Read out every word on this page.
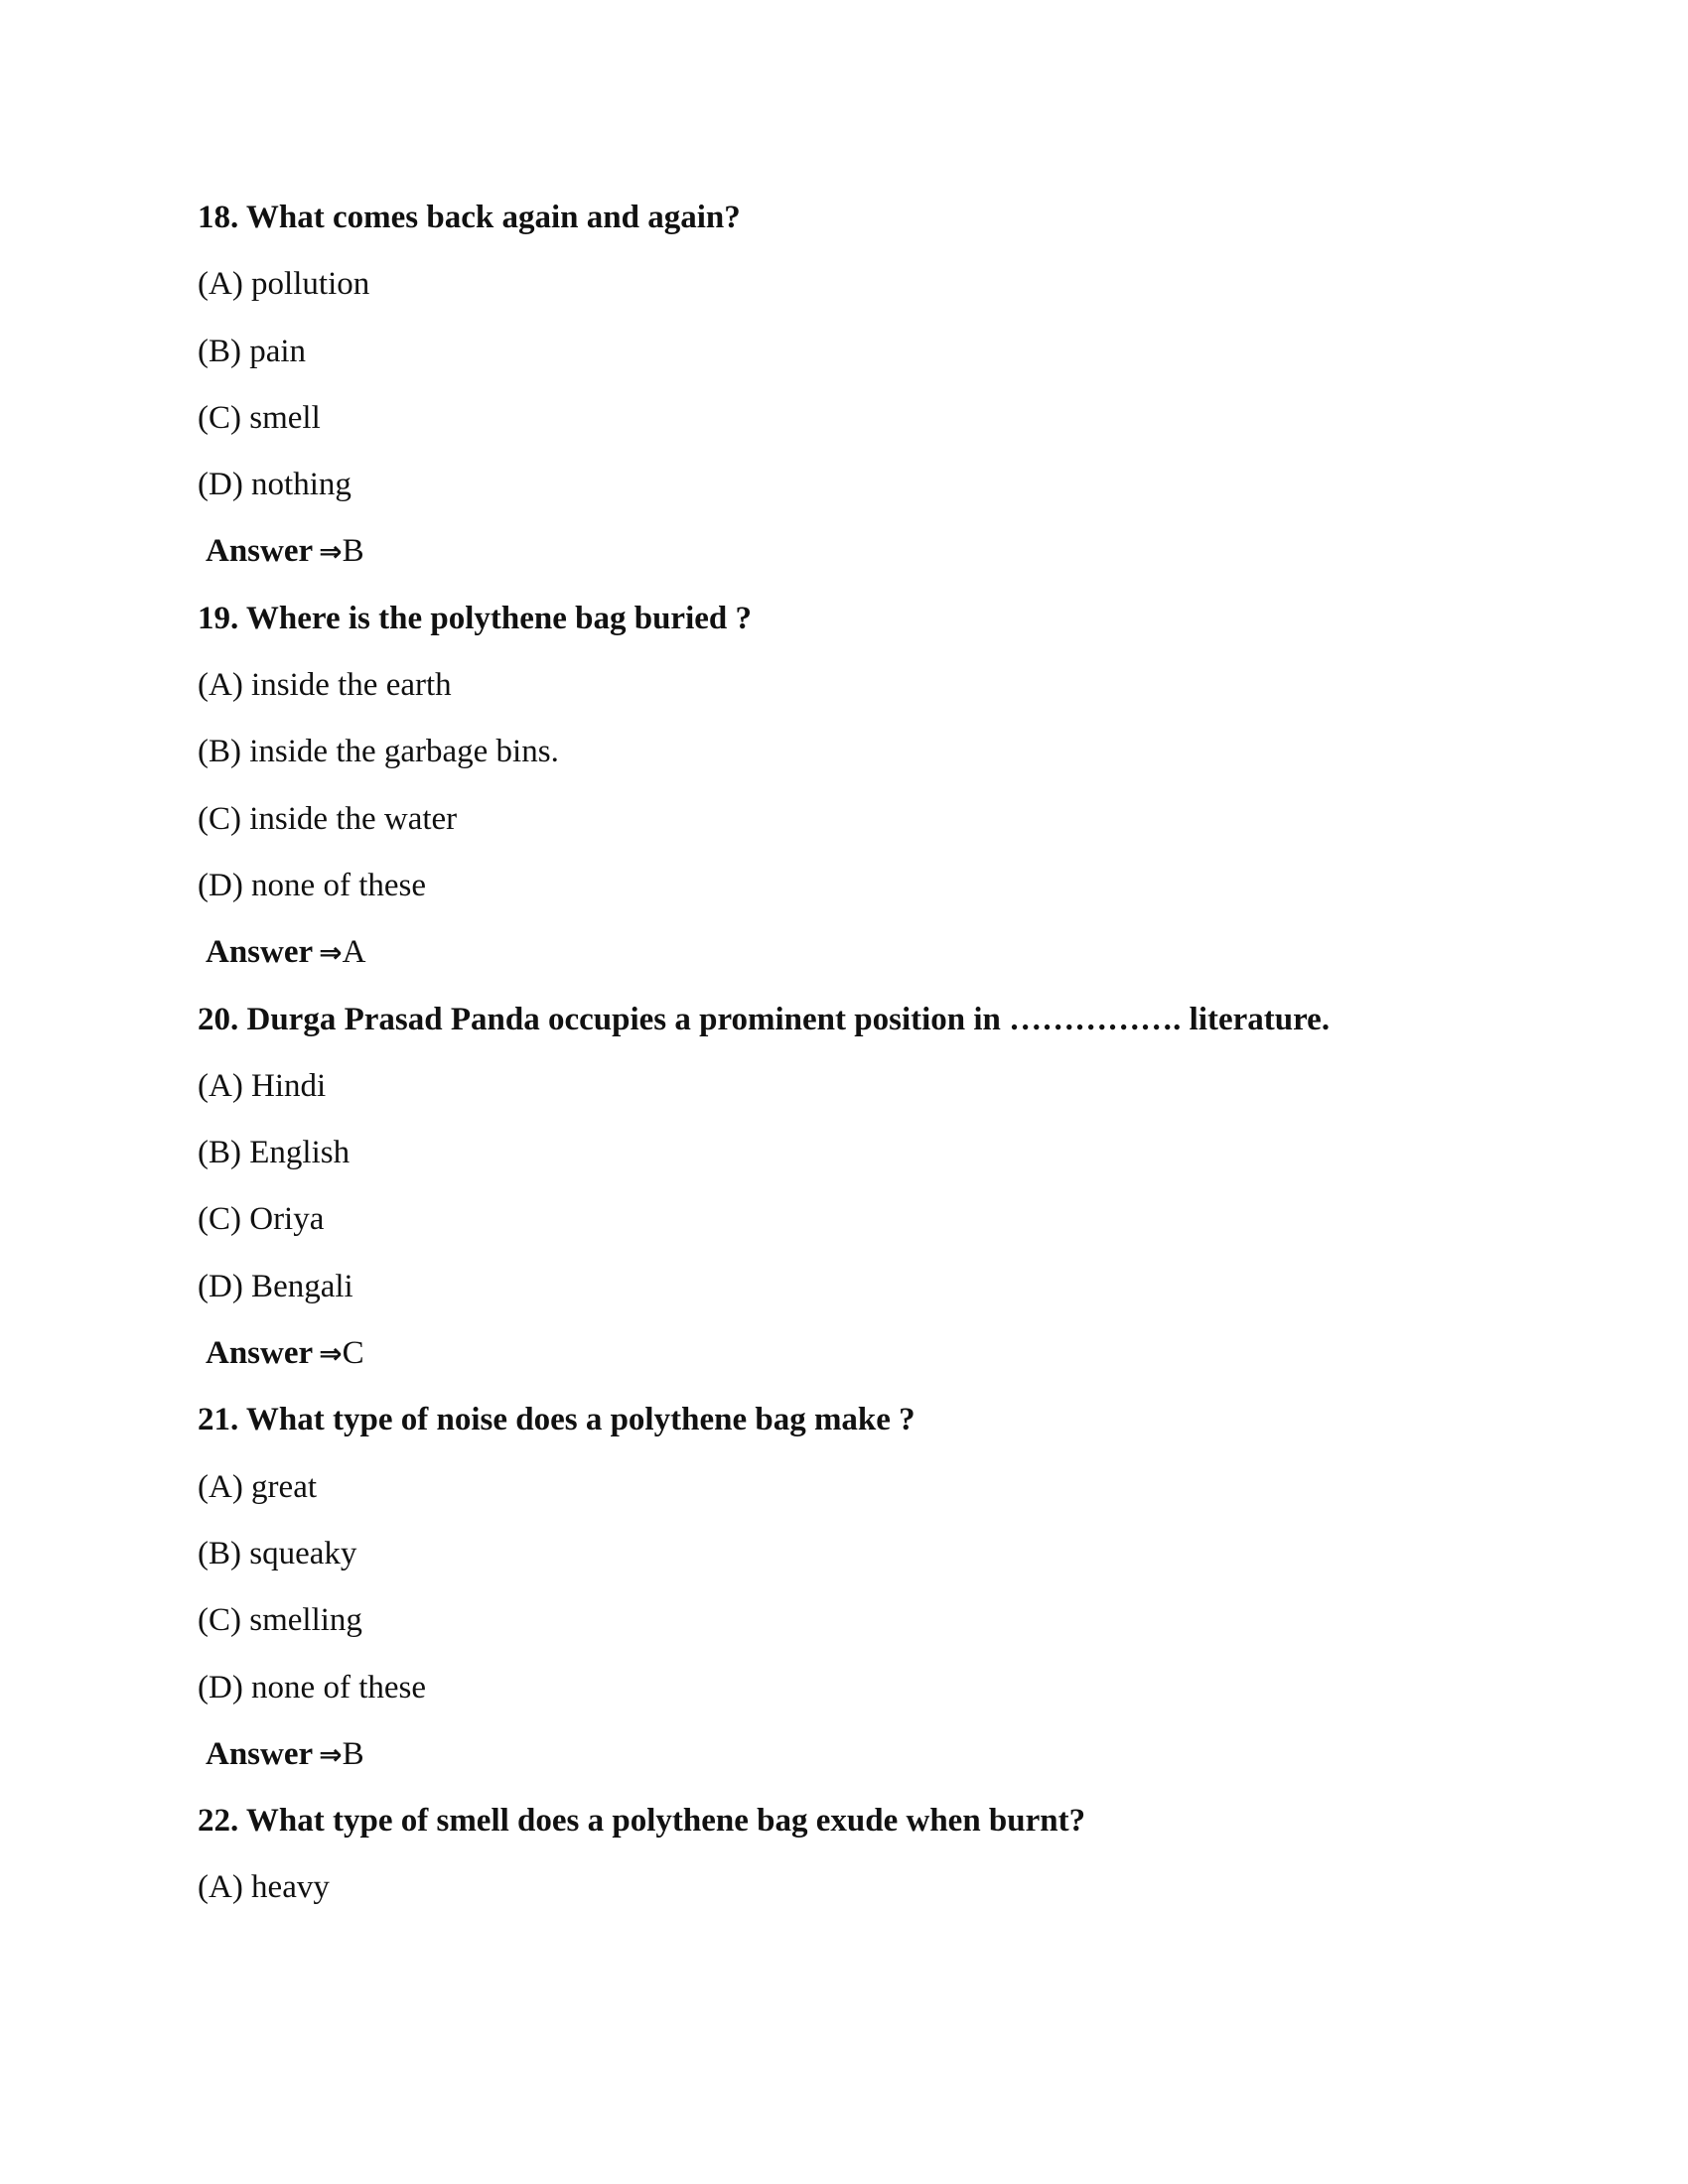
18. What comes back again and again?
(A) pollution
(B) pain
(C) smell
(D) nothing
Answer ⇒B
19. Where is the polythene bag buried ?
(A) inside the earth
(B) inside the garbage bins.
(C) inside the water
(D) none of these
Answer ⇒A
20. Durga Prasad Panda occupies a prominent position in ……………. literature.
(A) Hindi
(B) English
(C) Oriya
(D) Bengali
Answer ⇒C
21. What type of noise does a polythene bag make ?
(A) great
(B) squeaky
(C) smelling
(D) none of these
Answer ⇒B
22. What type of smell does a polythene bag exude when burnt?
(A) heavy
